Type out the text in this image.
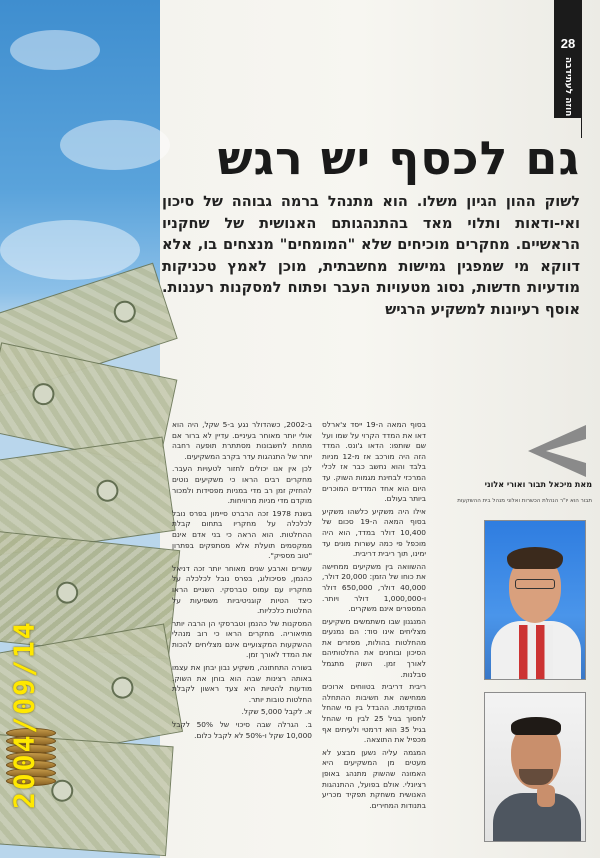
2004/09/14
28
חוזה לעתידבה
גם לכסף יש רגש
לשוק ההון הגיון משלו. הוא מתנהל ברמה גבוהה של סיכון ואי-ודאות ותלוי מאד בהתנהגותם האנושית של שחקניו הראשיים. מחקרים מוכיחים שלא "המומחים" מנצחים בו, אלא דווקא מי שמפגין גמישות מחשבתית, מוכן לאמץ טכניקות מודעיות חדשות, נסוג מטעויות העבר ופתוח למסקנות רעננות. אוסף רעיונות למשקיע הרגיש
מאת מיכאל תבור ואורי אלוני
תבור הוא יו"ר הנהלת הכשרות ואלוני מנהל בית ההשקעות

בסוף המאה ה-19 ייסד צ'ארלס דאו את המדד הקרוי על שמו ועל שם שותפו: הדאו ג'ונס. המדד הזה היה מורכב אז מ-12 מניות בלבד והוא נחשב כבר אז לכלי המרכזי לבחינת מגמות השוק. עד היום הוא אחד המדדים המוכרים ביותר בעולם.

אילו היה משקיע כלשהו משקיע בסוף המאה ה-19 סכום של 10,400 דולר במדד, הוא היה מוכפל פי כמה עשרות מונים עד ימינו, תוך ריבית דריבית.

ההשוואה בין משקיעים ממחישה את כוחו של הזמן: 20,000 דולר, 40,000 דולר, 650,000 דולר ו-1,000,000 דולר ויותר. המספרים אינם משקרים.

המנגנון שבו משתמשים משקיעים מצליחים אינו סוד: הם נמנעים מהחלטות בהולות, מפזרים את הסיכון ובוחנים את החלטותיהם לאורך זמן. השוק מתגמל סבלנות.

ריבית דריבית בטווחים ארוכים ממחישה את חשיבות ההתחלה המוקדמת. ההבדל בין מי שהחל לחסוך בגיל 25 לבין מי שהחל בגיל 35 הוא דרמטי ולעיתים אף מכפיל את התוצאה.

המגמה עליה נשען מבצע לא מעטים מן המשקיעים היא האמונה שהשוק מתנהג באופן רציונלי. אולם בפועל, ההתנהגות האנושית משחקת תפקיד מכריע בתנודות המחירים.

ב-2002, כשהדולר נגע ב-5 שקל, היה הוא אולי יותר מאוחר בעיניים. עדיין לא ברור אם מתחת לחשבונות מסתתרת תופעה רחבה יותר של התנהגות עדר בקרב המשקיעים.

לכן אין אנו יכולים לחזור לטעויות העבר. מחקרים רבים הראו כי משקיעים נוטים להחזיק זמן רב מדי במניות מפסידות ולמכור מוקדם מדי מניות מרוויחות.

בשנת 1978 זכה הרברט סיימון בפרס נובל לכלכלה על מחקריו בתחום קבלת ההחלטות. הוא הראה כי בני אדם אינם ממקסמים תועלת אלא מסתפקים בפתרון "טוב מספיק".

עשרים וארבע שנים מאוחר יותר זכה דניאל כהנמן, פסיכולוג, בפרס נובל לכלכלה על מחקריו עם עמוס טברסקי. השניים הראו כיצד הטיות קוגניטיביות משפיעות על החלטות כלכליות.

המסקנות של כהנמן וטברסקי הן הרבה יותר מתיאוריה. מחקרים הראו כי רוב מנהלי ההשקעות המקצועיים אינם מצליחים להכות את המדד לאורך זמן.

בשורה התחתונה, משקיע נבון יבחן את עצמו באותה רצינות שבה הוא בוחן את השוק. מודעות להטיות היא צעד ראשון לקבלת החלטות טובות יותר.

א. לקבל 5,000 שקל.

ב. הגרלה שבה סיכוי של 50% לקבל 10,000 שקל ו-50% לא לקבל כלום.
